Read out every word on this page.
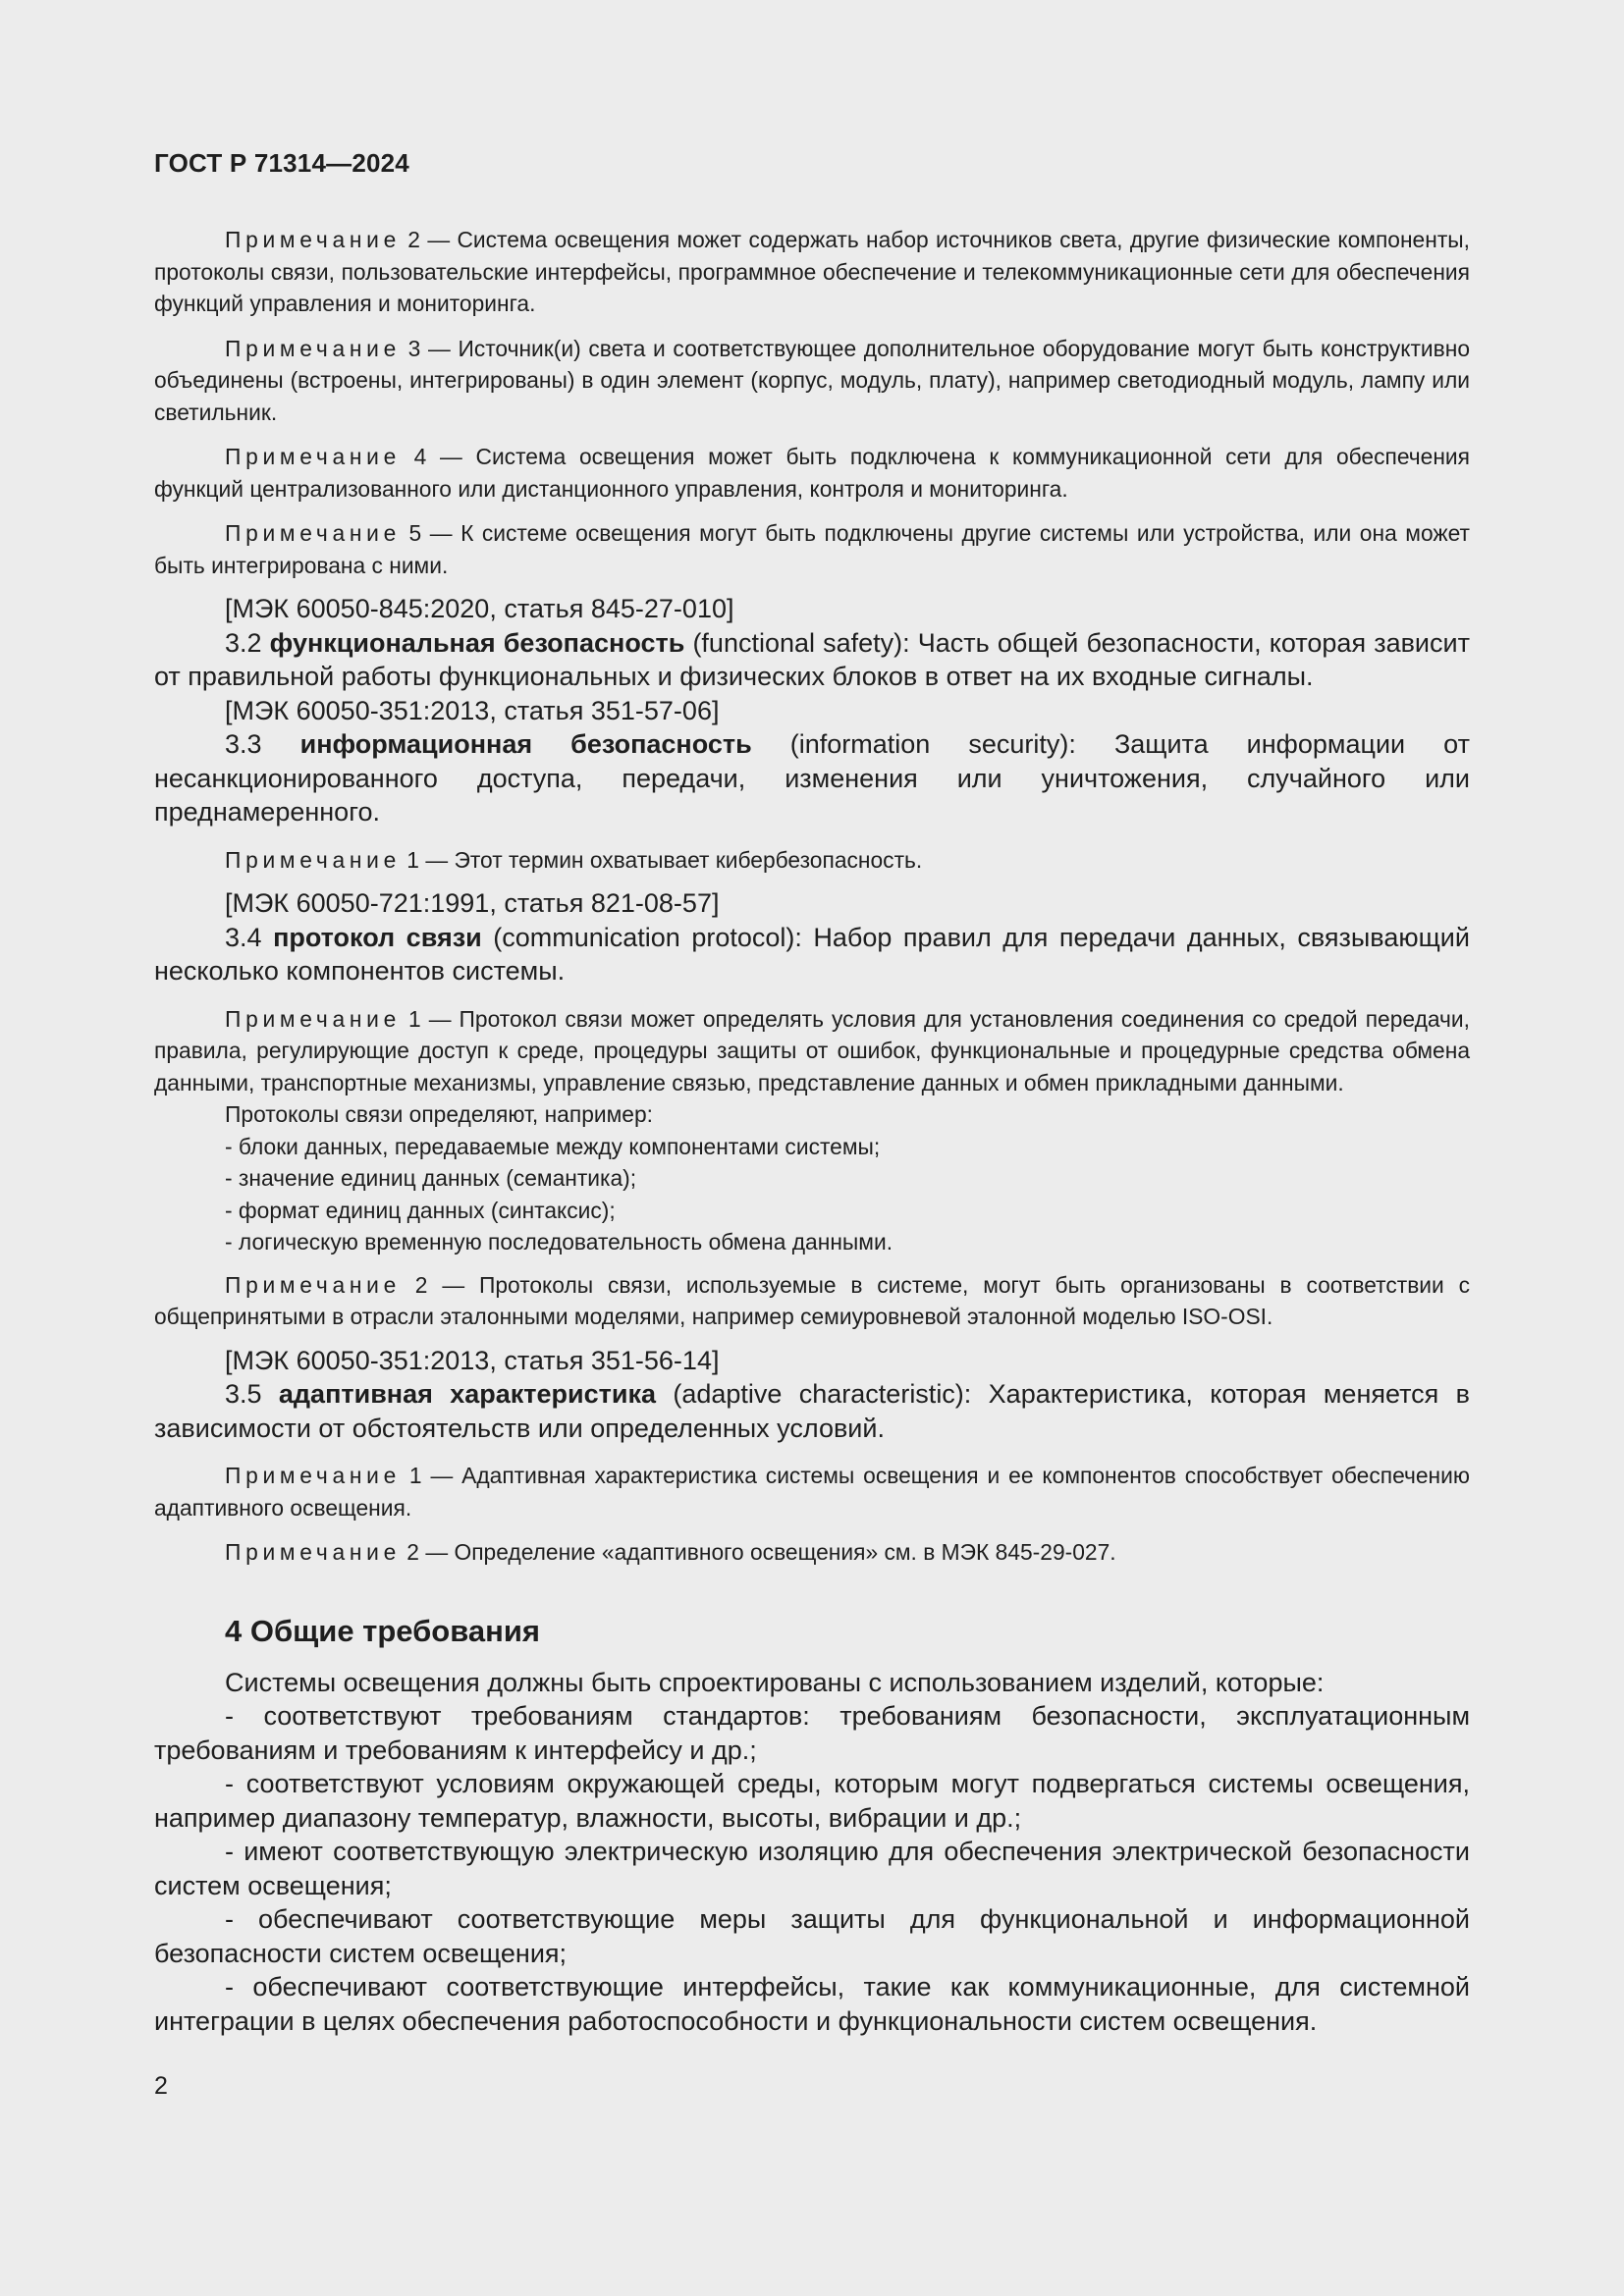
ГОСТ Р 71314—2024

Примечание 2 — Система освещения может содержать набор источников света, другие физические компоненты, протоколы связи, пользовательские интерфейсы, программное обеспечение и телекоммуникационные сети для обеспечения функций управления и мониторинга.

Примечание 3 — Источник(и) света и соответствующее дополнительное оборудование могут быть конструктивно объединены (встроены, интегрированы) в один элемент (корпус, модуль, плату), например светодиодный модуль, лампу или светильник.

Примечание 4 — Система освещения может быть подключена к коммуникационной сети для обеспечения функций централизованного или дистанционного управления, контроля и мониторинга.

Примечание 5 — К системе освещения могут быть подключены другие системы или устройства, или она может быть интегрирована с ними.

[МЭК 60050-845:2020, статья 845-27-010]

3.2 функциональная безопасность (functional safety): Часть общей безопасности, которая зависит от правильной работы функциональных и физических блоков в ответ на их входные сигналы.

[МЭК 60050-351:2013, статья 351-57-06]

3.3 информационная безопасность (information security): Защита информации от несанкционированного доступа, передачи, изменения или уничтожения, случайного или преднамеренного.

Примечание 1 — Этот термин охватывает кибербезопасность.

[МЭК 60050-721:1991, статья 821-08-57]

3.4 протокол связи (communication protocol): Набор правил для передачи данных, связывающий несколько компонентов системы.

Примечание 1 — Протокол связи может определять условия для установления соединения со средой передачи, правила, регулирующие доступ к среде, процедуры защиты от ошибок, функциональные и процедурные средства обмена данными, транспортные механизмы, управление связью, представление данных и обмен прикладными данными.

Протоколы связи определяют, например:

- блоки данных, передаваемые между компонентами системы;

- значение единиц данных (семантика);

- формат единиц данных (синтаксис);

- логическую временную последовательность обмена данными.

Примечание 2 — Протоколы связи, используемые в системе, могут быть организованы в соответствии с общепринятыми в отрасли эталонными моделями, например семиуровневой эталонной моделью ISO-OSI.

[МЭК 60050-351:2013, статья 351-56-14]

3.5 адаптивная характеристика (adaptive characteristic): Характеристика, которая меняется в зависимости от обстоятельств или определенных условий.

Примечание 1 — Адаптивная характеристика системы освещения и ее компонентов способствует обеспечению адаптивного освещения.

Примечание 2 — Определение «адаптивного освещения» см. в МЭК 845-29-027.

4 Общие требования

Системы освещения должны быть спроектированы с использованием изделий, которые:

- соответствуют требованиям стандартов: требованиям безопасности, эксплуатационным требованиям и требованиям к интерфейсу и др.;

- соответствуют условиям окружающей среды, которым могут подвергаться системы освещения, например диапазону температур, влажности, высоты, вибрации и др.;

- имеют соответствующую электрическую изоляцию для обеспечения электрической безопасности систем освещения;

- обеспечивают соответствующие меры защиты для функциональной и информационной безопасности систем освещения;

- обеспечивают соответствующие интерфейсы, такие как коммуникационные, для системной интеграции в целях обеспечения работоспособности и функциональности систем освещения.

2
